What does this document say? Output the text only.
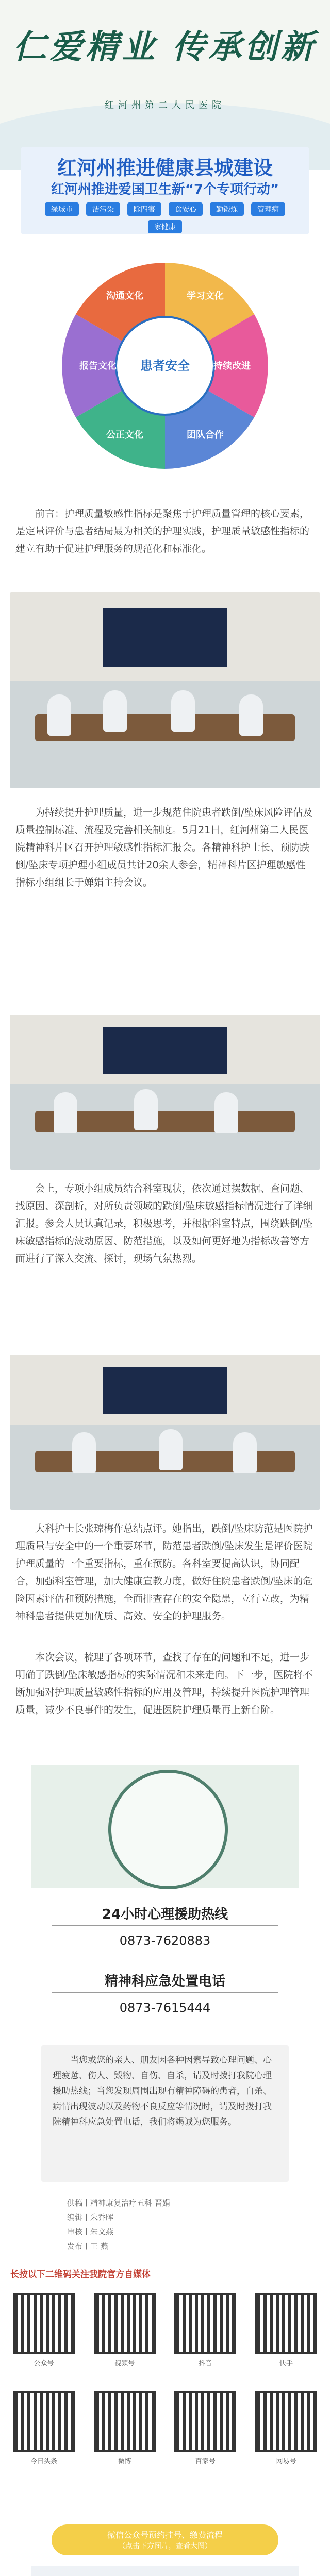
仁爱精业 传承创新
红河州第二人民医院
红河州推进健康县城建设
红河州推进爱国卫生新“7个专项行动”
绿城市	洁污染	除四害	食安心	勤锻炼	管理病
家健康
患者安全
学习文化
持续改进
团队合作
公正文化
报告文化
沟通文化
前言：护理质量敏感性指标是聚焦于护理质量管理的核心要素，是定量评价与患者结局最为相关的护理实践，护理质量敏感性指标的建立有助于促进护理服务的规范化和标准化。
为持续提升护理质量，进一步规范住院患者跌倒/坠床风险评估及质量控制标准、流程及完善相关制度。5月21日，红河州第二人民医院精神科片区召开护理敏感性指标汇报会。各精神科护士长、预防跌倒/坠床专项护理小组成员共计20余人参会，精神科片区护理敏感性指标小组组长于婵娟主持会议。
会上，专项小组成员结合科室现状，依次通过摆数据、查问题、找原因、深剖析，对所负责领域的跌倒/坠床敏感指标情况进行了详细汇报。参会人员认真记录，积极思考，并根据科室特点，围绕跌倒/坠床敏感指标的波动原因、防范措施，以及如何更好地为指标改善等方面进行了深入交流、探讨，现场气氛热烈。
大科护士长张琼梅作总结点评。她指出，跌倒/坠床防范是医院护理质量与安全中的一个重要环节，防范患者跌倒/坠床发生是评价医院护理质量的一个重要指标，重在预防。各科室要提高认识，协同配合，加强科室管理，加大健康宣教力度，做好住院患者跌倒/坠床的危险因素评估和预防措施，全面排查存在的安全隐患，立行立改，为精神科患者提供更加优质、高效、安全的护理服务。
本次会议，梳理了各项环节，查找了存在的问题和不足，进一步明确了跌倒/坠床敏感指标的实际情况和未来走向。下一步，医院将不断加强对护理质量敏感性指标的应用及管理，持续提升医院护理管理质量，减少不良事件的发生，促进医院护理质量再上新台阶。
24小时心理援助热线
0873-7620883
精神科应急处置电话
0873-7615444

当您或您的亲人、朋友因各种因素导致心理问题、心理疲惫、伤人、毁物、自伤、自杀，请及时拨打我院心理援助热线；当您发现周围出现有精神障碍的患者，自杀、病情出现波动以及药物不良反应等情况时，请及时拨打我院精神科应急处置电话，我们将竭诚为您服务。

供稿丨精神康复治疗五科 晋娟
编辑丨朱乔晖
审核丨朱文燕
发布丨王 燕
长按以下二维码关注我院官方自媒体
公众号	视频号	抖音	快手
今日头条	微博	百家号	网易号
微信公众号预约挂号、缴费流程
（点击下方图片，查看大图）
